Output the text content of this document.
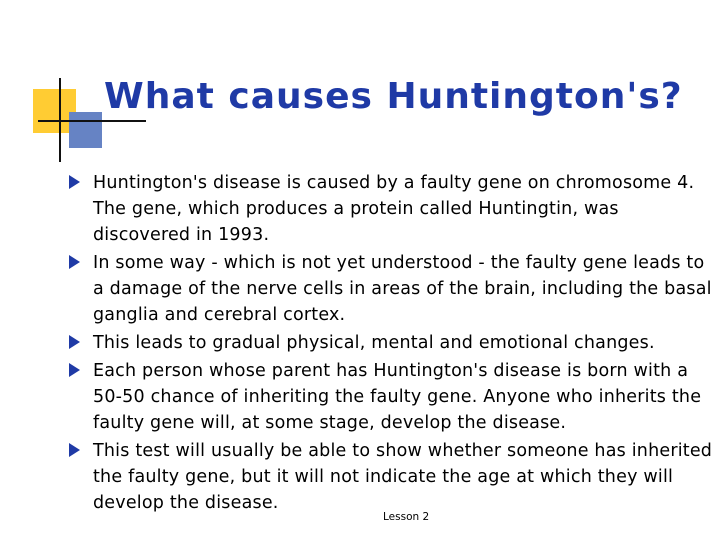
What causes Huntington's?
Huntington's disease is caused by a faulty gene on chromosome 4. The gene, which produces a protein called Huntingtin, was discovered in 1993.
In some way - which is not yet understood - the faulty gene leads to a damage of the nerve cells in areas of the brain, including the basal ganglia and cerebral cortex.
This leads to gradual physical, mental and emotional changes.
Each person whose parent has Huntington's disease is born with a 50-50 chance of inheriting the faulty gene. Anyone who inherits the faulty gene will, at some stage, develop the disease.
This test will usually be able to show whether someone has inherited the faulty gene, but it will not indicate the age at which they will develop the disease.
Lesson 2
